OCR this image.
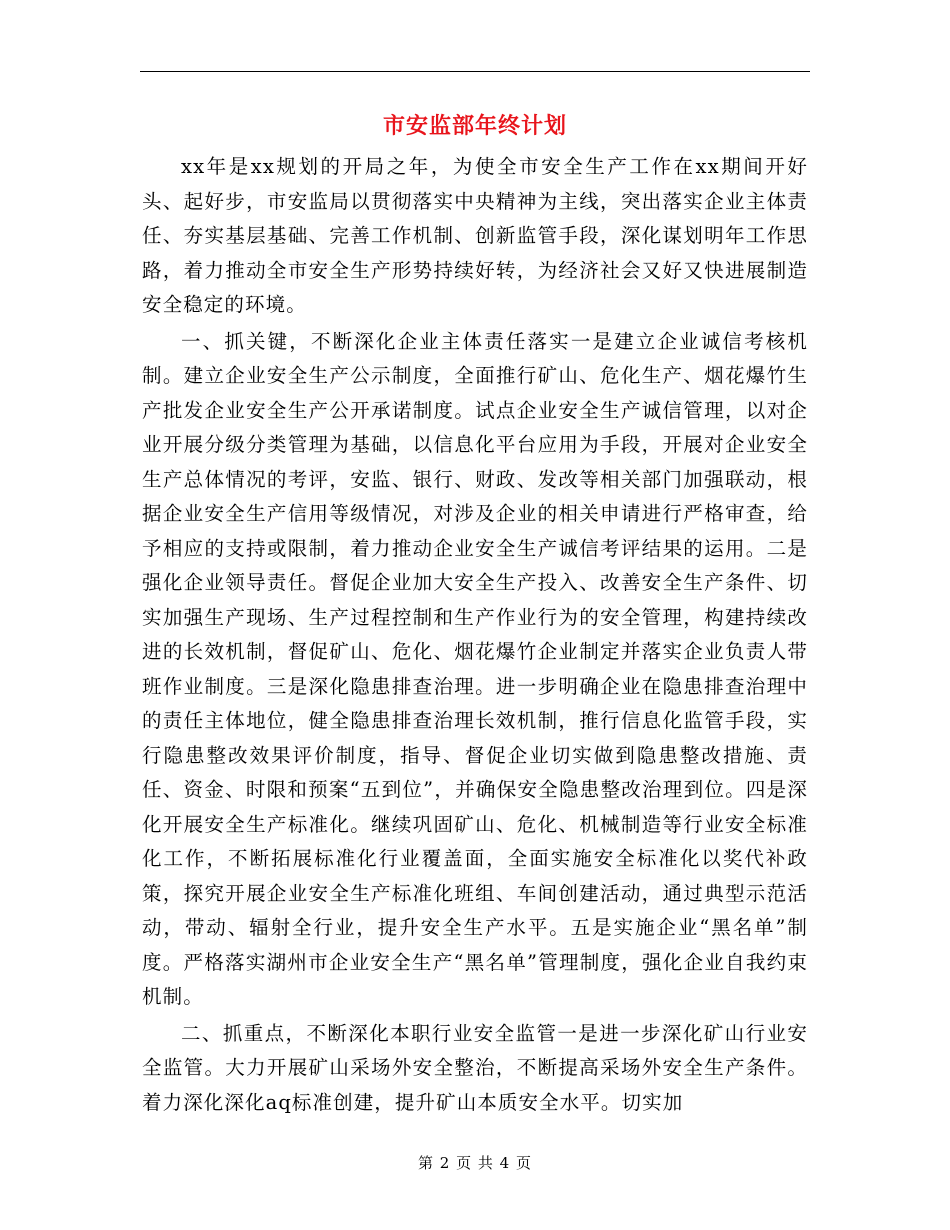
市安监部年终计划

xx年是xx规划的开局之年，为使全市安全生产工作在xx期间开好头、起好步，市安监局以贯彻落实中央精神为主线，突出落实企业主体责任、夯实基层基础、完善工作机制、创新监管手段，深化谋划明年工作思路，着力推动全市安全生产形势持续好转，为经济社会又好又快进展制造安全稳定的环境。

一、抓关键，不断深化企业主体责任落实一是建立企业诚信考核机制。建立企业安全生产公示制度，全面推行矿山、危化生产、烟花爆竹生产批发企业安全生产公开承诺制度。试点企业安全生产诚信管理，以对企业开展分级分类管理为基础，以信息化平台应用为手段，开展对企业安全生产总体情况的考评，安监、银行、财政、发改等相关部门加强联动，根据企业安全生产信用等级情况，对涉及企业的相关申请进行严格审查，给予相应的支持或限制，着力推动企业安全生产诚信考评结果的运用。二是强化企业领导责任。督促企业加大安全生产投入、改善安全生产条件、切实加强生产现场、生产过程控制和生产作业行为的安全管理，构建持续改进的长效机制，督促矿山、危化、烟花爆竹企业制定并落实企业负责人带班作业制度。三是深化隐患排查治理。进一步明确企业在隐患排查治理中的责任主体地位，健全隐患排查治理长效机制，推行信息化监管手段，实行隐患整改效果评价制度，指导、督促企业切实做到隐患整改措施、责任、资金、时限和预案“五到位”，并确保安全隐患整改治理到位。四是深化开展安全生产标准化。继续巩固矿山、危化、机械制造等行业安全标准化工作，不断拓展标准化行业覆盖面，全面实施安全标准化以奖代补政策，探究开展企业安全生产标准化班组、车间创建活动，通过典型示范活动，带动、辐射全行业，提升安全生产水平。五是实施企业“黑名单”制度。严格落实湖州市企业安全生产“黑名单”管理制度，强化企业自我约束机制。

二、抓重点，不断深化本职行业安全监管一是进一步深化矿山行业安全监管。大力开展矿山采场外安全整治，不断提高采场外安全生产条件。着力深化深化aq标准创建，提升矿山本质安全水平。切实加

第 2 页 共 4 页
